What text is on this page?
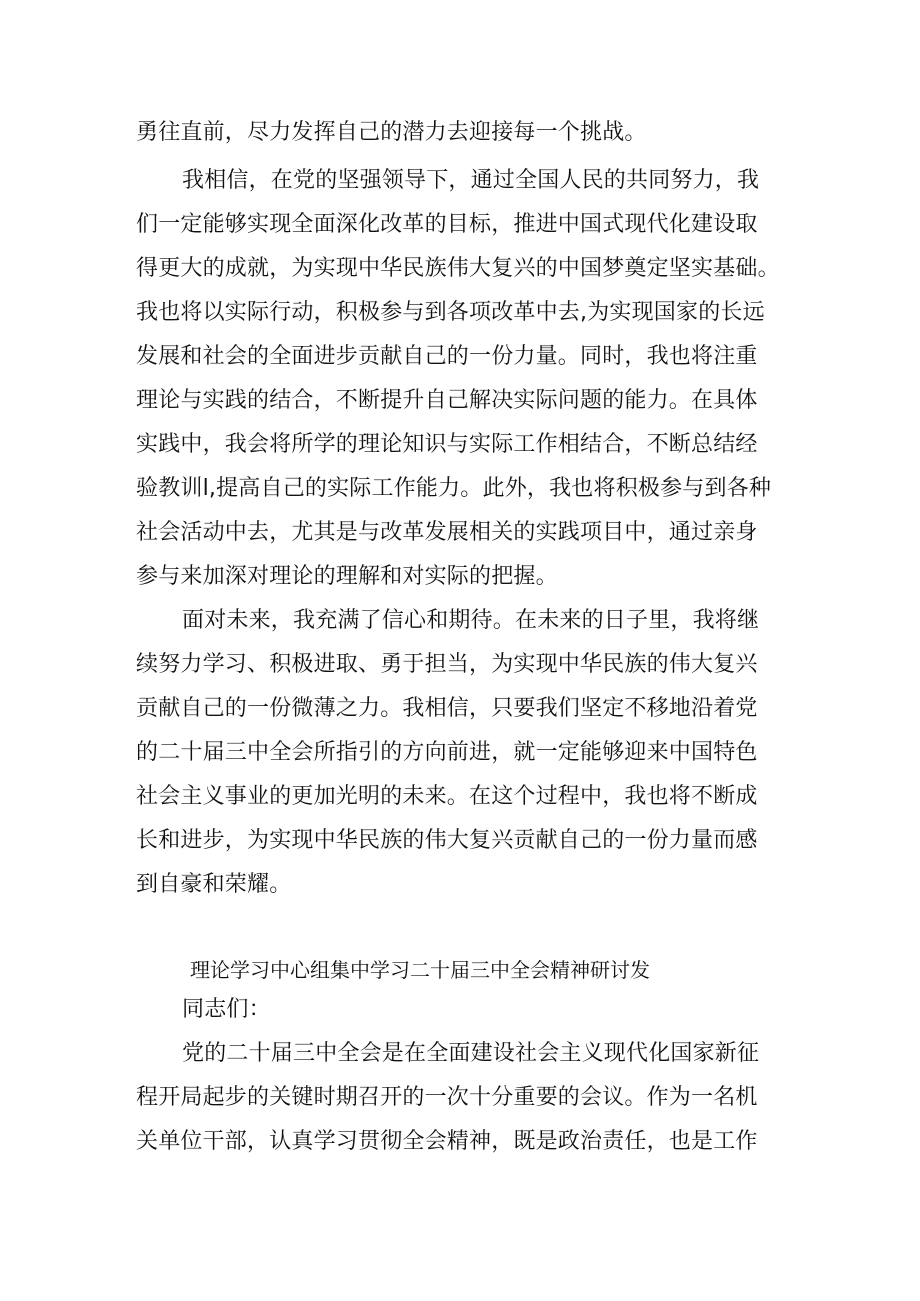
勇往直前，尽力发挥自己的潜力去迎接每一个挑战。
我相信，在党的坚强领导下，通过全国人民的共同努力，我
们一定能够实现全面深化改革的目标，推进中国式现代化建设取
得更大的成就，为实现中华民族伟大复兴的中国梦奠定坚实基础。
我也将以实际行动，积极参与到各项改革中去,为实现国家的长远
发展和社会的全面进步贡献自己的一份力量。同时，我也将注重
理论与实践的结合，不断提升自己解决实际问题的能力。在具体
实践中，我会将所学的理论知识与实际工作相结合，不断总结经
验教训l,提高自己的实际工作能力。此外，我也将积极参与到各种
社会活动中去，尤其是与改革发展相关的实践项目中，通过亲身
参与来加深对理论的理解和对实际的把握。
面对未来，我充满了信心和期待。在未来的日子里，我将继
续努力学习、积极进取、勇于担当，为实现中华民族的伟大复兴
贡献自己的一份微薄之力。我相信，只要我们坚定不移地沿着党
的二十届三中全会所指引的方向前进，就一定能够迎来中国特色
社会主义事业的更加光明的未来。在这个过程中，我也将不断成
长和进步，为实现中华民族的伟大复兴贡献自己的一份力量而感
到自豪和荣耀。
理论学习中心组集中学习二十届三中全会精神研讨发
同志们：
党的二十届三中全会是在全面建设社会主义现代化国家新征
程开局起步的关键时期召开的一次十分重要的会议。作为一名机
关单位干部，认真学习贯彻全会精神，既是政治责任，也是工作
